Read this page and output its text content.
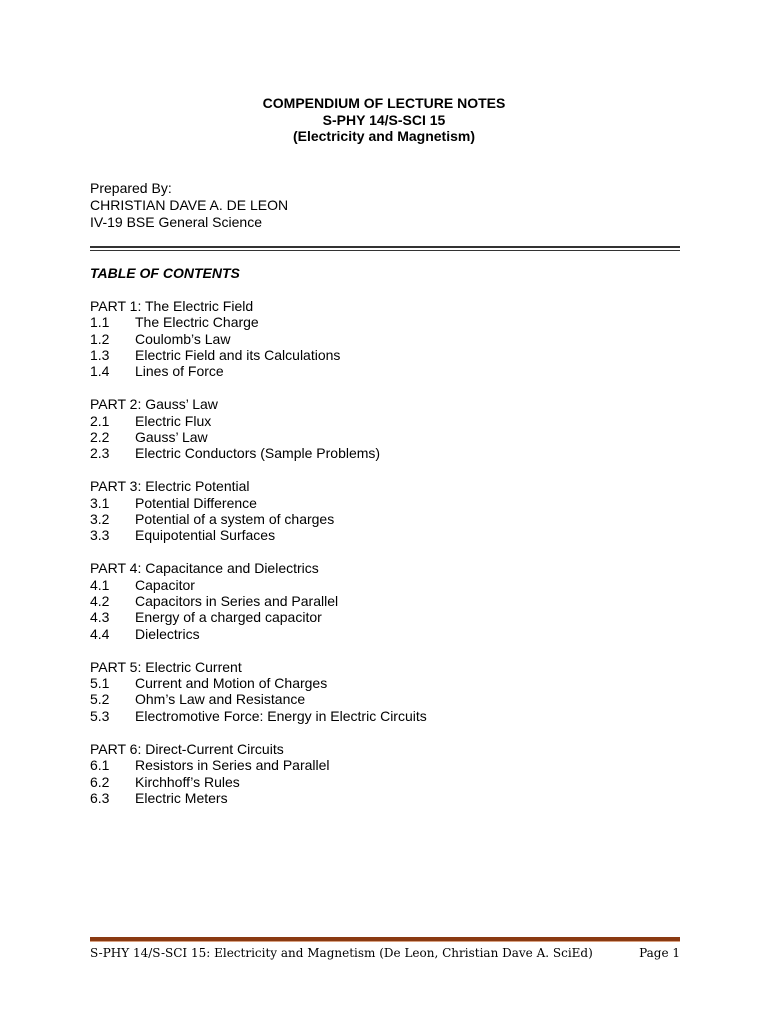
COMPENDIUM OF LECTURE NOTES
S-PHY 14/S-SCI 15
(Electricity and Magnetism)
Prepared By:
CHRISTIAN DAVE A. DE LEON
IV-19 BSE General Science
TABLE OF CONTENTS
PART 1: The Electric Field
1.1	The Electric Charge
1.2	Coulomb’s Law
1.3	Electric Field and its Calculations
1.4	Lines of Force
PART 2: Gauss’ Law
2.1	Electric Flux
2.2	Gauss’ Law
2.3	Electric Conductors (Sample Problems)
PART 3: Electric Potential
3.1	Potential Difference
3.2	Potential of a system of charges
3.3	Equipotential Surfaces
PART 4: Capacitance and Dielectrics
4.1	Capacitor
4.2	Capacitors in Series and Parallel
4.3	Energy of a charged capacitor
4.4	Dielectrics
PART 5: Electric Current
5.1	Current and Motion of Charges
5.2	Ohm’s Law and Resistance
5.3	Electromotive Force: Energy in Electric Circuits
PART 6: Direct-Current Circuits
6.1	Resistors in Series and Parallel
6.2	Kirchhoff’s Rules
6.3	Electric Meters
S-PHY 14/S-SCI 15: Electricity and Magnetism (De Leon, Christian Dave A. SciEd)	Page 1
